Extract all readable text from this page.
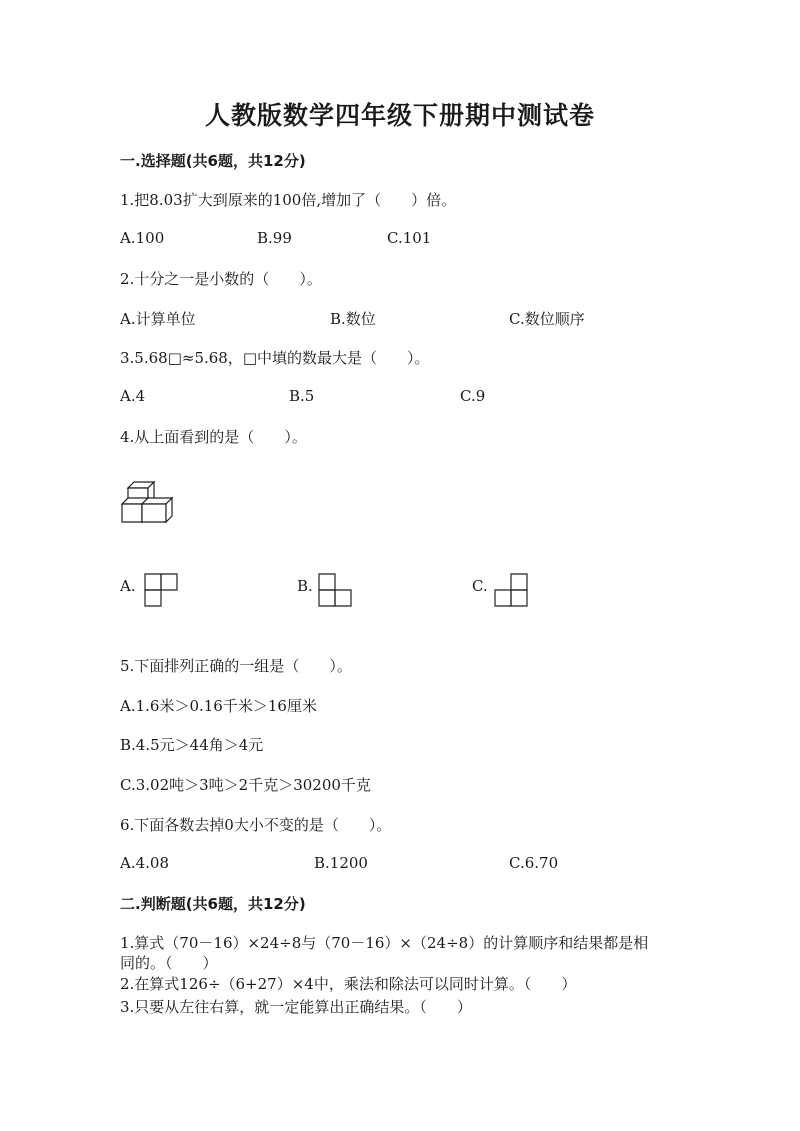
人教版数学四年级下册期中测试卷
一.选择题(共6题，共12分)
1.把8.03扩大到原来的100倍,增加了（　　）倍。
A.100	B.99	C.101
2.十分之一是小数的（　　）。
A.计算单位	B.数位	C.数位顺序
3.5.68□≈5.68，□中填的数最大是（　　）。
A.4	B.5	C.9
4.从上面看到的是（　　）。
A.	B.	C.
5.下面排列正确的一组是（　　）。
A.1.6米＞0.16千米＞16厘米
B.4.5元＞44角＞4元
C.3.02吨＞3吨＞2千克＞30200千克
6.下面各数去掉0大小不变的是（　　）。
A.4.08	B.1200	C.6.70
二.判断题(共6题，共12分)
1.算式（70－16）×24÷8与（70－16）×（24÷8）的计算顺序和结果都是相
同的。（　　）
2.在算式126÷（6+27）×4中，乘法和除法可以同时计算。（　　）
3.只要从左往右算，就一定能算出正确结果。（　　）
